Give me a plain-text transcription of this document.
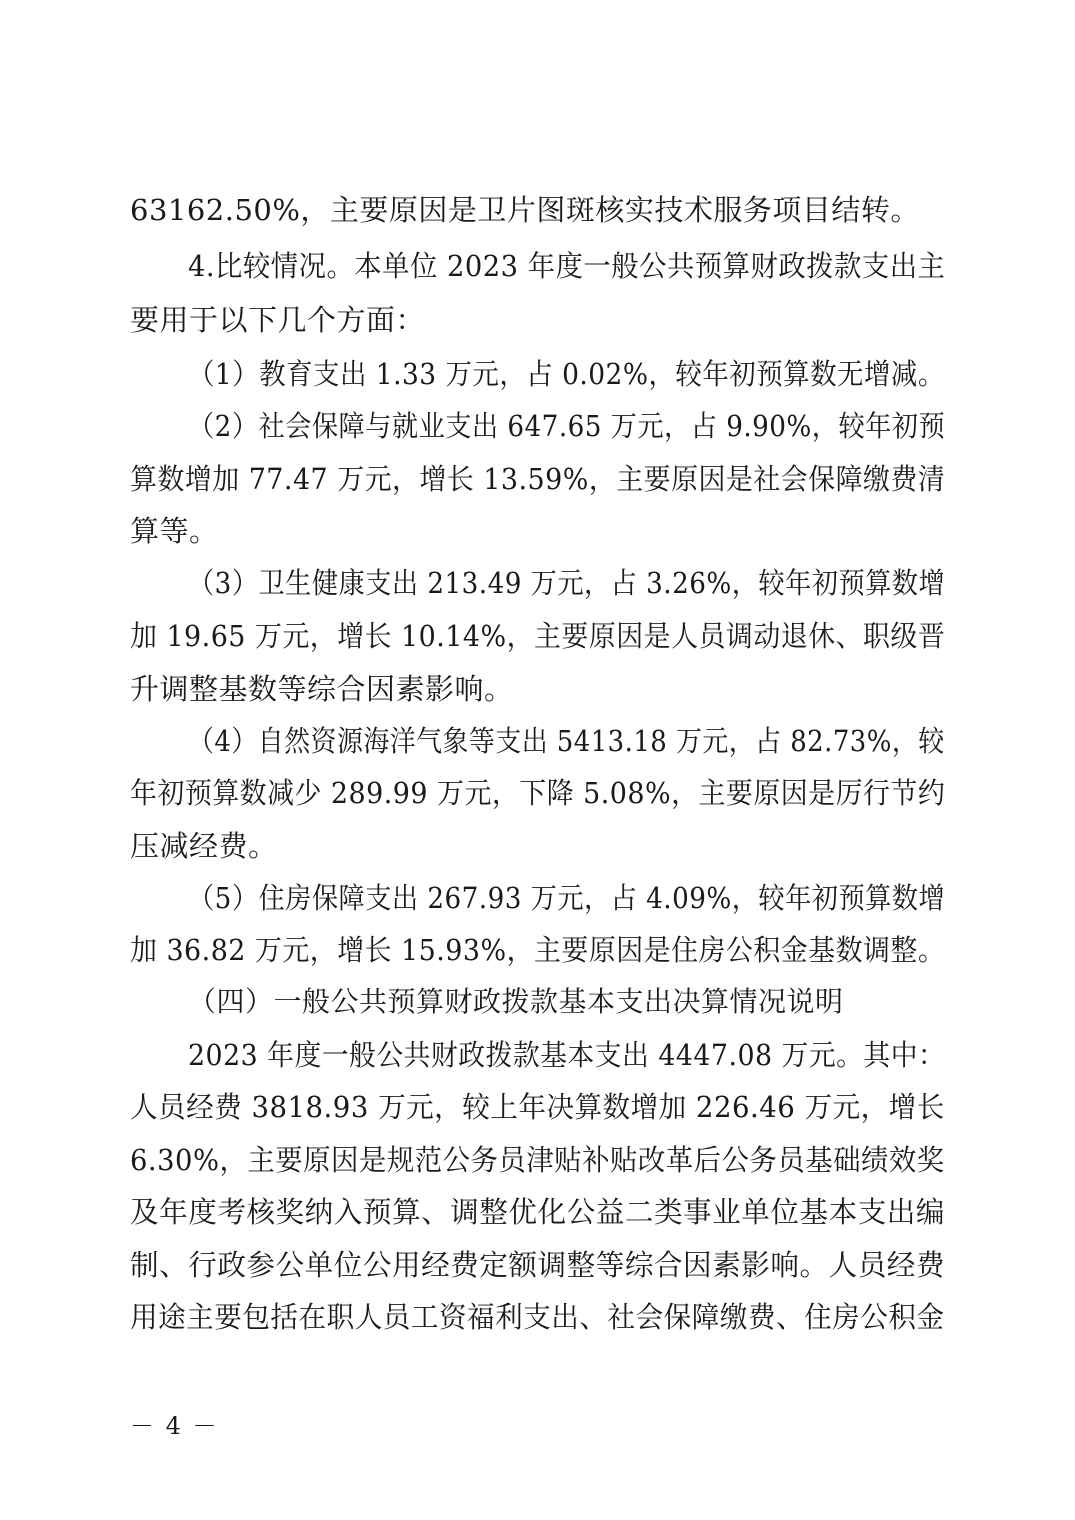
63162.50%，主要原因是卫片图斑核实技术服务项目结转。
4.比较情况。本单位 2023 年度一般公共预算财政拨款支出主
要用于以下几个方面：
（1）教育支出 1.33 万元，占 0.02%，较年初预算数无增减。
（2）社会保障与就业支出 647.65 万元，占 9.90%，较年初预
算数增加 77.47 万元，增长 13.59%，主要原因是社会保障缴费清
算等。
（3）卫生健康支出 213.49 万元，占 3.26%，较年初预算数增
加 19.65 万元，增长 10.14%，主要原因是人员调动退休、职级晋
升调整基数等综合因素影响。
（4）自然资源海洋气象等支出 5413.18 万元，占 82.73%，较
年初预算数减少 289.99 万元，下降 5.08%，主要原因是厉行节约
压减经费。
（5）住房保障支出 267.93 万元，占 4.09%，较年初预算数增
加 36.82 万元，增长 15.93%，主要原因是住房公积金基数调整。
（四）一般公共预算财政拨款基本支出决算情况说明
2023 年度一般公共财政拨款基本支出 4447.08 万元。其中：
人员经费 3818.93 万元，较上年决算数增加 226.46 万元，增长
6.30%，主要原因是规范公务员津贴补贴改革后公务员基础绩效奖
及年度考核奖纳入预算、调整优化公益二类事业单位基本支出编
制、行政参公单位公用经费定额调整等综合因素影响。人员经费
用途主要包括在职人员工资福利支出、社会保障缴费、住房公积金
－ 4 －
